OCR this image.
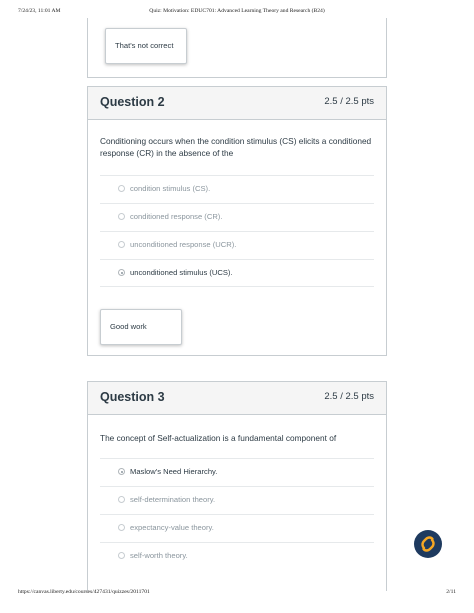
7/24/23, 11:01 AM	Quiz: Motivation: EDUC701: Advanced Learning Theory and Research (B24)
That's not correct
Question 2	2.5 / 2.5 pts
Conditioning occurs when the condition stimulus (CS) elicits a conditioned response (CR) in the absence of the
condition stimulus (CS).
conditioned response (CR).
unconditioned response (UCR).
unconditioned stimulus (UCS).
Good work
Question 3	2.5 / 2.5 pts
The concept of Self-actualization is a fundamental component of
Maslow's Need Hierarchy.
self-determination theory.
expectancy-value theory.
self-worth theory.
https://canvas.liberty.edu/courses/427431/quizzes/2011701	2/11
